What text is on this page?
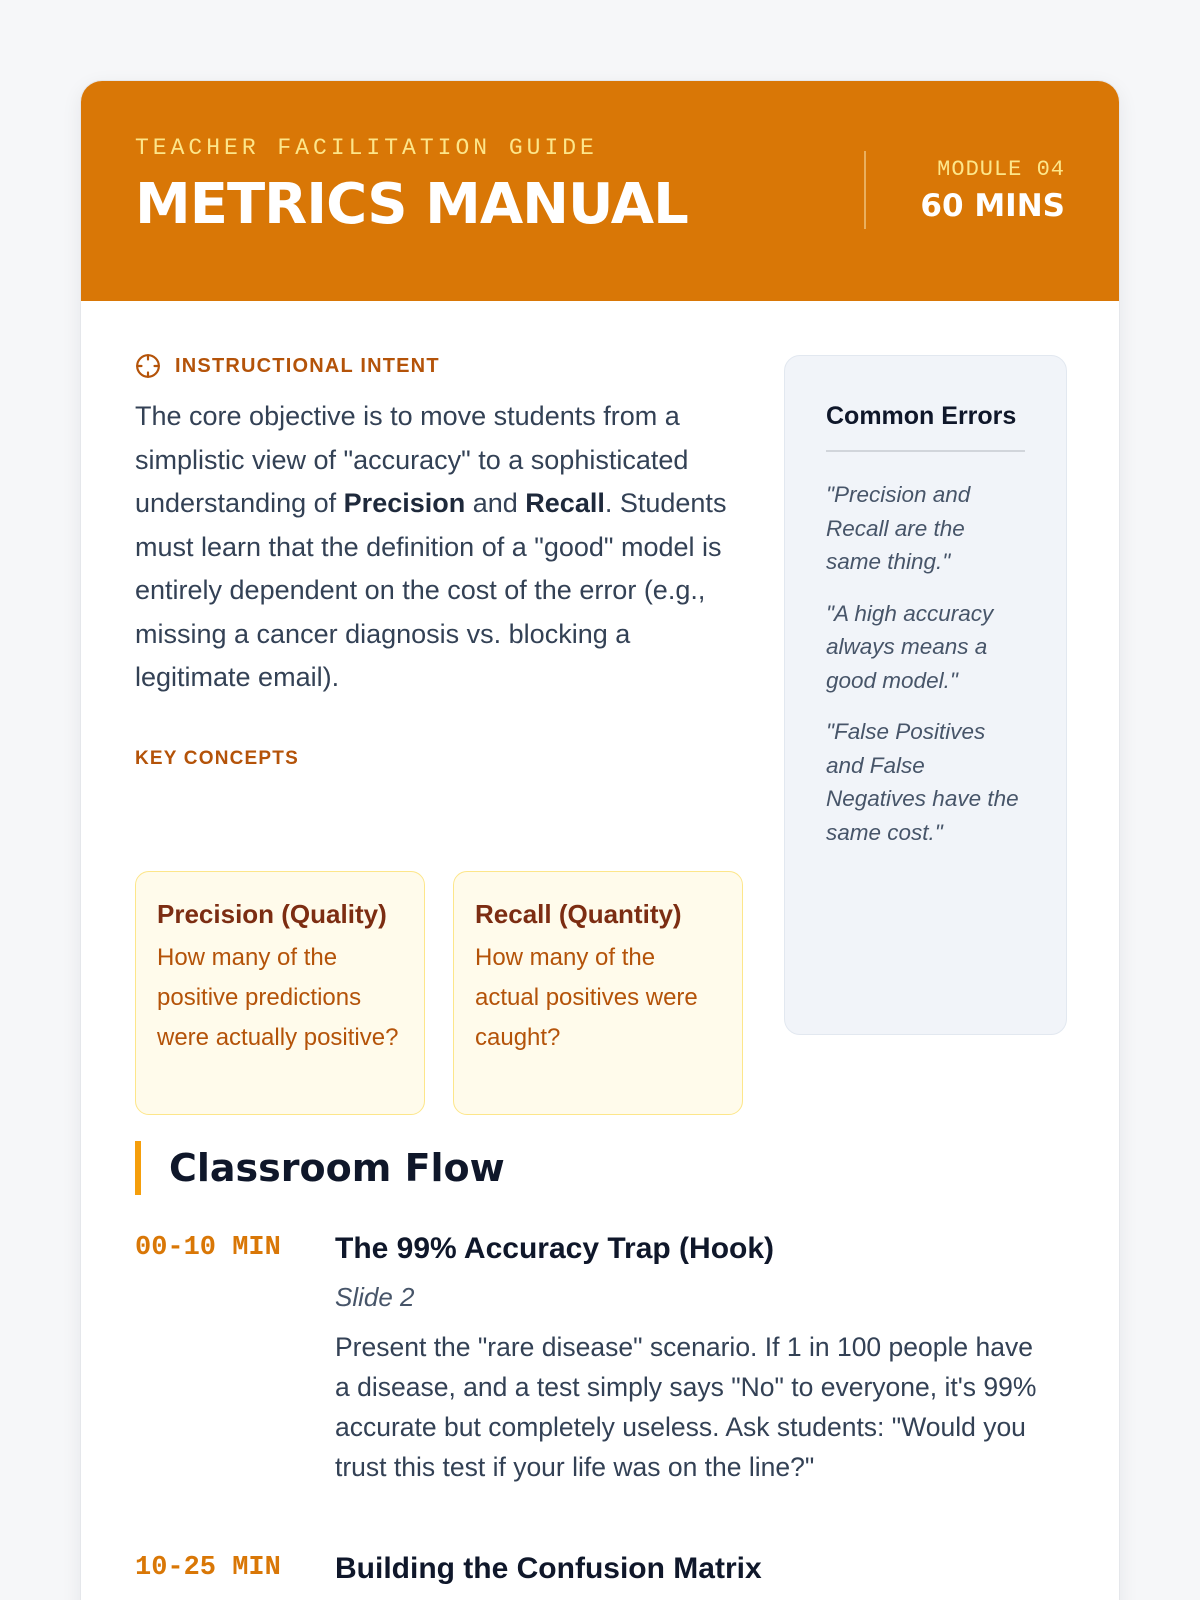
TEACHER FACILITATION GUIDE
METRICS MANUAL
MODULE 04
60 MINS
INSTRUCTIONAL INTENT

The core objective is to move students from a simplistic view of "accuracy" to a sophisticated understanding of Precision and Recall. Students must learn that the definition of a "good" model is entirely dependent on the cost of the error (e.g., missing a cancer diagnosis vs. blocking a legitimate email).

KEY CONCEPTS
Precision (Quality)
How many of the positive predictions were actually positive?
Recall (Quantity)
How many of the actual positives were caught?
Common Errors
"Precision and Recall are the same thing."
"A high accuracy always means a good model."
"False Positives and False Negatives have the same cost."
Classroom Flow
00-10 MIN The 99% Accuracy Trap (Hook)
Slide 2
Present the "rare disease" scenario. If 1 in 100 people have a disease, and a test simply says "No" to everyone, it's 99% accurate but completely useless. Ask students: "Would you trust this test if your life was on the line?"
10-25 MIN Building the Confusion Matrix
